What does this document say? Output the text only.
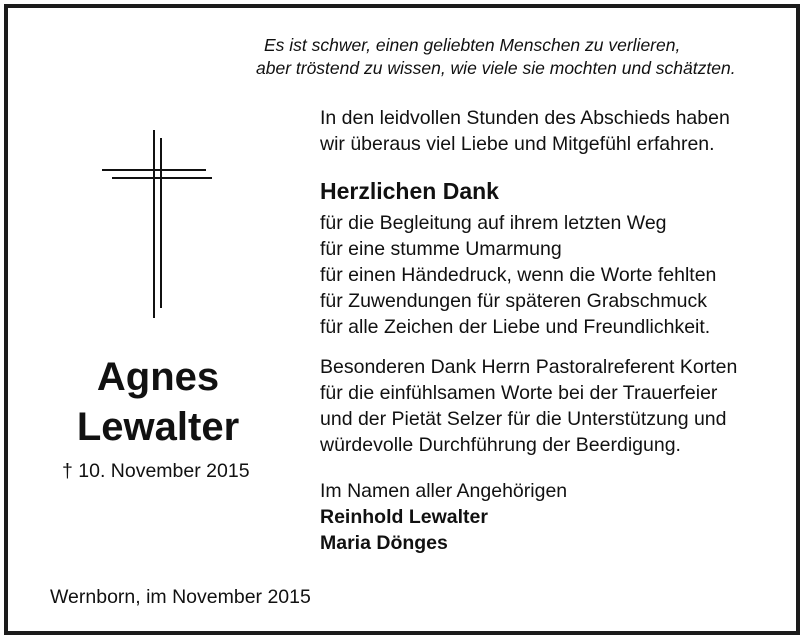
Es ist schwer, einen geliebten Menschen zu verlieren,
aber tröstend zu wissen, wie viele sie mochten und schätzten.
In den leidvollen Stunden des Abschieds haben
wir überaus viel Liebe und Mitgefühl erfahren.
Herzlichen Dank
für die Begleitung auf ihrem letzten Weg
für eine stumme Umarmung
für einen Händedruck, wenn die Worte fehlten
für Zuwendungen für späteren Grabschmuck
für alle Zeichen der Liebe und Freundlichkeit.
Besonderen Dank Herrn Pastoralreferent Korten
für die einfühlsamen Worte bei der Trauerfeier
und der Pietät Selzer für die Unterstützung und
würdevolle Durchführung der Beerdigung.
Im Namen aller Angehörigen
Reinhold Lewalter
Maria Dönges
Agnes
Lewalter
† 10. November 2015
Wernborn, im November 2015
